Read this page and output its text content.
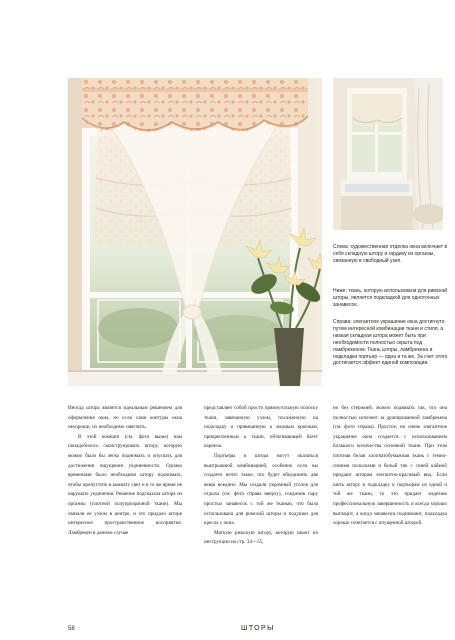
Слева: художественная отделка окна включает в себя складную штору и гардину из органзы, связанную в свободный узел.

Ниже: ткань, которую использовали для римской шторы, является подкладкой для однотонных занавесок.

Справа: элегантное украшение окна достигнуто путем интересной комбинации ткани и стиля, а низкая складная штора может быть при необходимости полностью скрыта под ламбрекеном. Ткань шторы, ламбрекена и подкладки портьер — одна и та же. За счет этого достигается эффект единой композиции.

Иногда штора является идеальным решением для оформления окна, но если сами контуры окна нехороши, их необходимо смягчить.

В этой комнате (см. фото выше) нам понадобилось сконструировать штору, которую можно было бы легко поднимать и опускать для достижения ощущения уединенности. Однако временами было необходимо штору поднимать, чтобы пропустить в комнату свет и в то же время не нарушать уединения. Решение подсказала штора из органзы (плотной полупрозрачной ткани). Мы связали ее узлом в центре, и это придало шторе интересное пространственное восприятие. Ламбрекен в данном случае

представляет собой просто прямоугольную полоску ткани, завязанную узлом, посаженную на подкладку и привязанную к медным крючкам, прикрепленным к ткани, обтягивающей багет карниза.

Портьеры и штора могут оказаться выигрышной комбинацией, особенно если вы создаете нечто такое, что будет объединять две вещи воедино. Мы создали укромный уголок для отдыха (см. фото справа вверху), соединив пару простых занавесок с той же тканью, что была использована для римской шторы и подушки для кресла у окна.

Мягкую римскую штору, которую шьют по инструкции на стр. 34—35,

но без стержней, можно подвязать так, что она полностью исчезнет за драпированной ламбрекена (см. фото справа). Простое, но очень элегантное украшение окна создается с использованием большого количества основной ткани. При этом плотная белая хлопчатобумажная ткань с темно-синими полосками и белый тик с синей каймой придают шторам элегантно-красивый вид. Если шить штору и подкладку к портьерам из одной и той же ткани, то это придает изделию профессиональную завершенность и всегда хорошо выглядит, а когда занавески поднимают, подкладка хорошо сочетается с опущенной шторой.

58	ШТОРЫ
